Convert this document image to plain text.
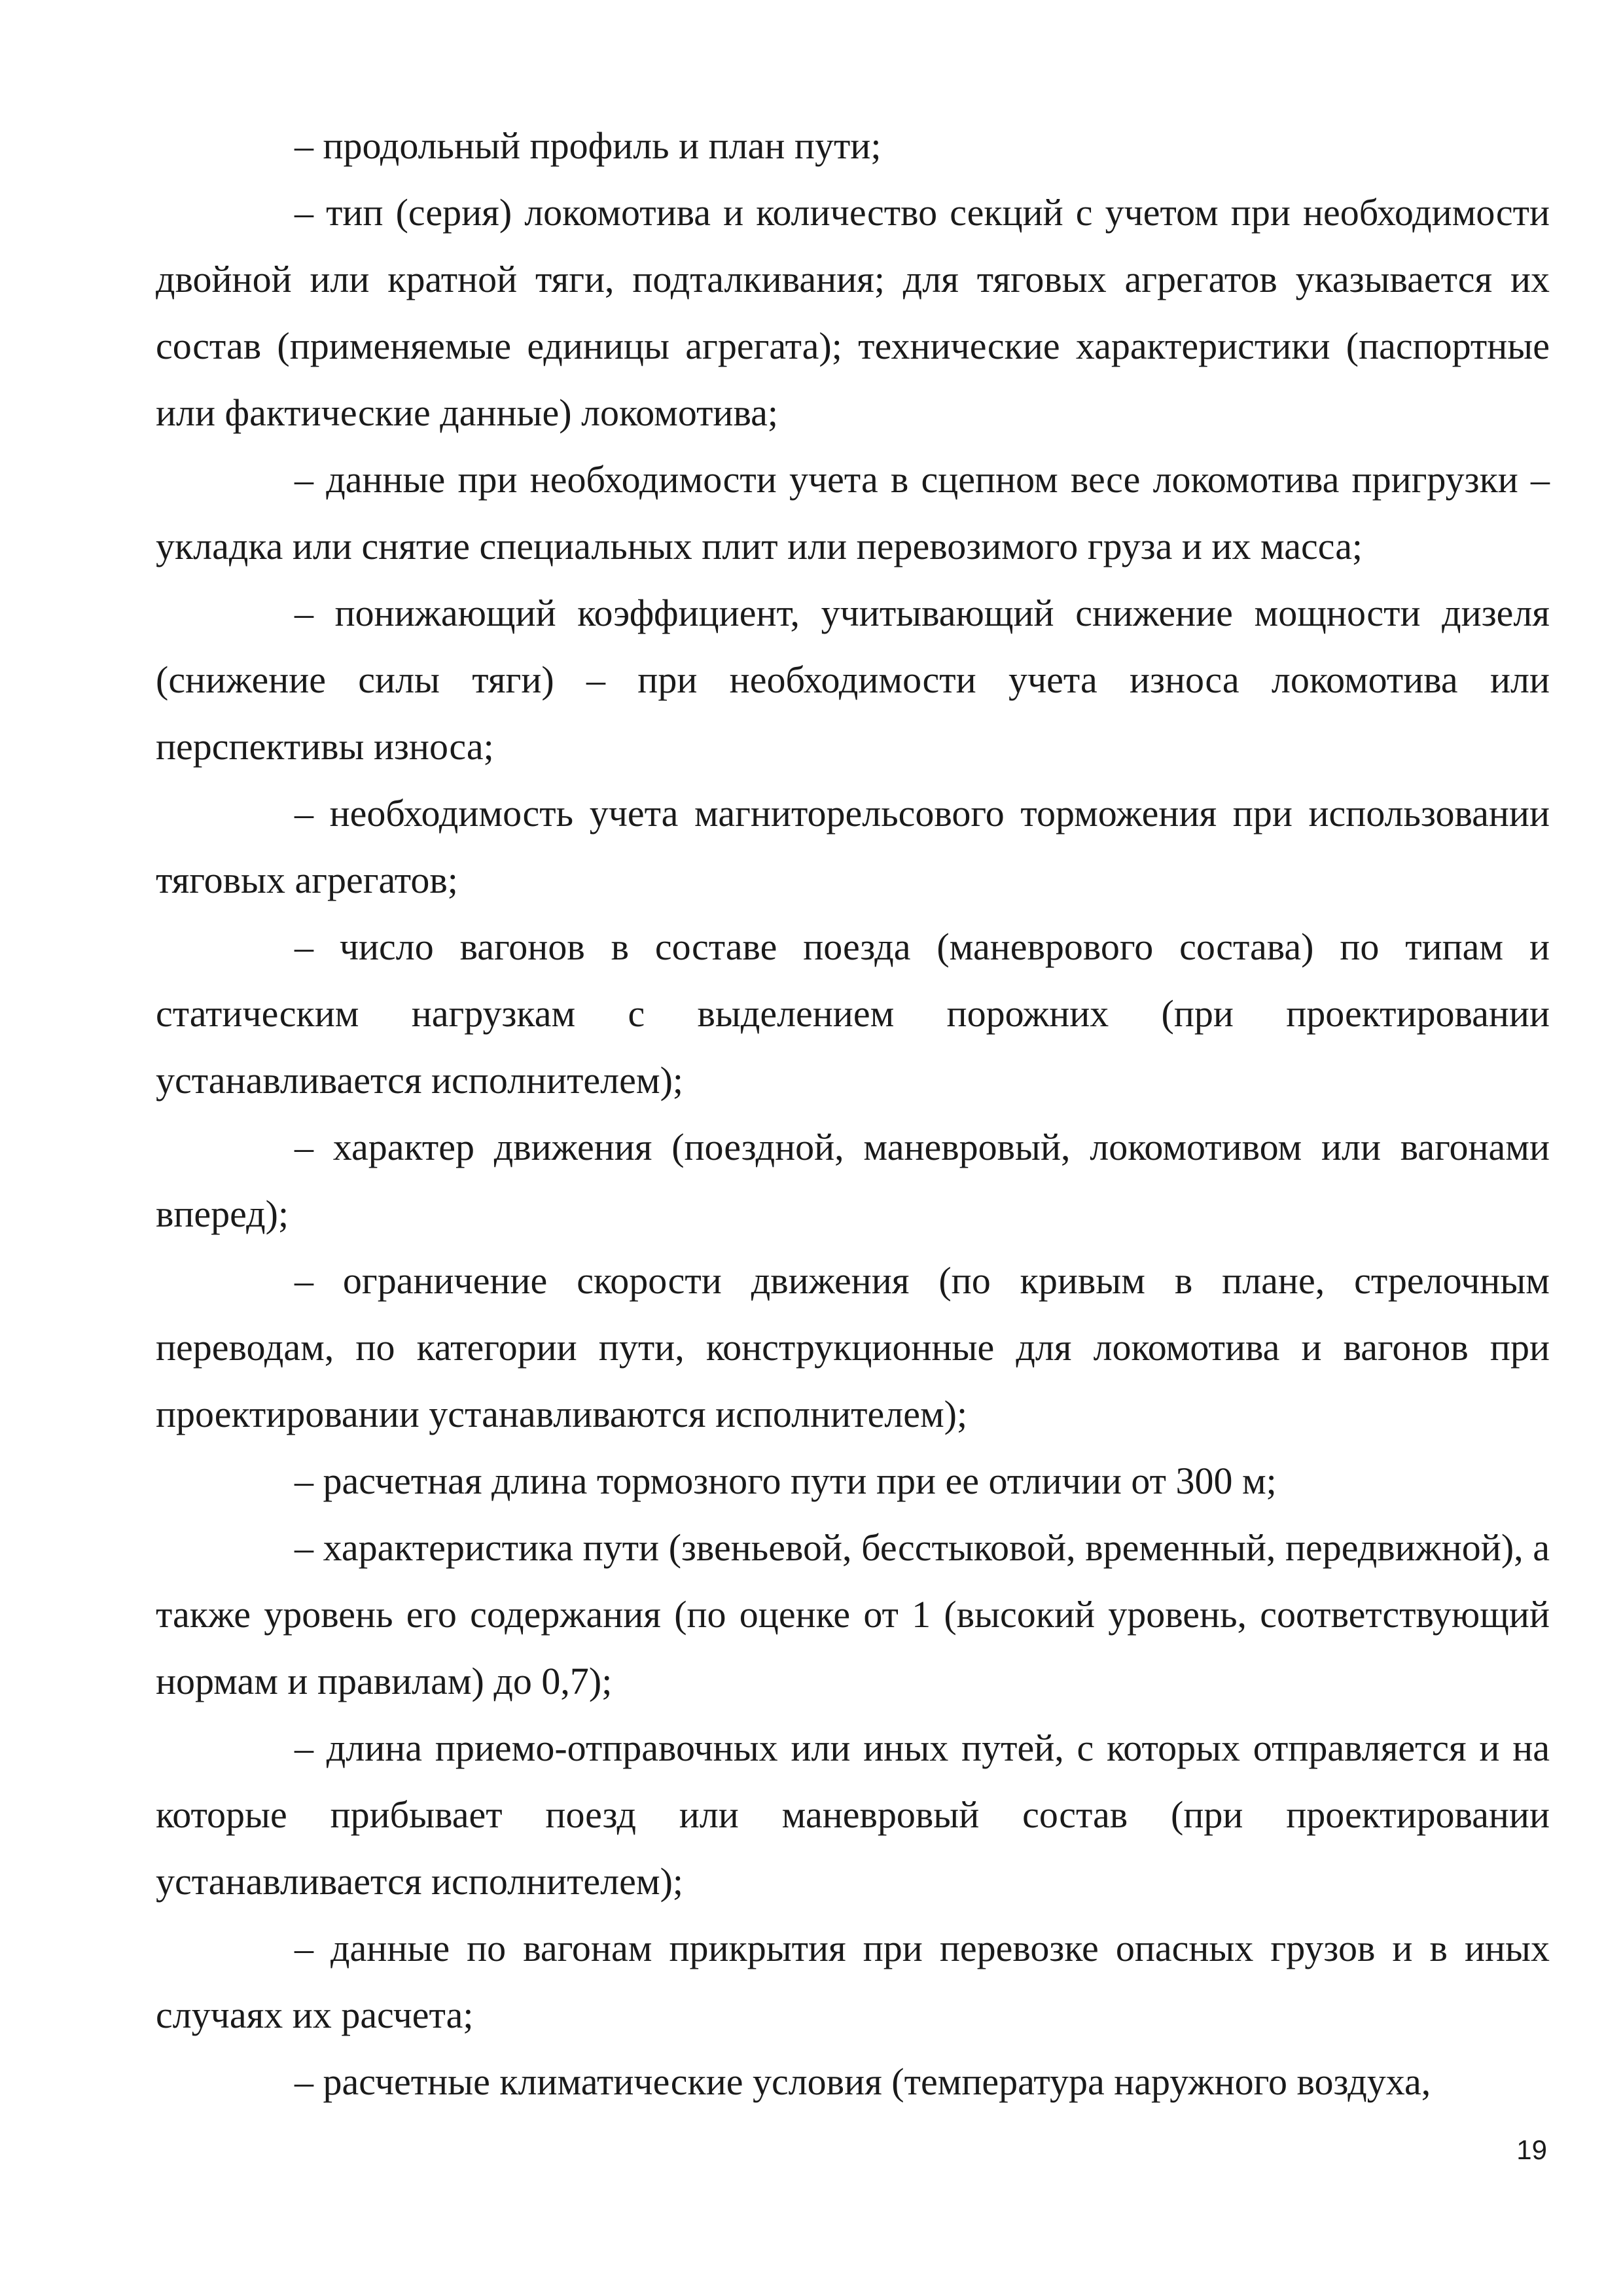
– продольный профиль и план пути;

– тип (серия) локомотива и количество секций с учетом при необходимости двойной или кратной тяги, подталкивания; для тяговых агрегатов указывается их состав (применяемые единицы агрегата); технические характеристики (паспортные или фактические данные) локомотива;

– данные при необходимости учета в сцепном весе локомотива пригрузки – укладка или снятие специальных плит или перевозимого груза и их масса;

– понижающий коэффициент, учитывающий снижение мощности дизеля (снижение силы тяги) – при необходимости учета износа локомотива или перспективы износа;

– необходимость учета магниторельсового торможения при использовании тяговых агрегатов;

– число вагонов в составе поезда (маневрового состава) по типам и статическим нагрузкам с выделением порожних (при проектировании устанавливается исполнителем);

– характер движения (поездной, маневровый, локомотивом или вагонами вперед);

– ограничение скорости движения (по кривым в плане, стрелочным переводам, по категории пути, конструкционные для локомотива и вагонов при проектировании устанавливаются исполнителем);

– расчетная длина тормозного пути при ее отличии от 300 м;

– характеристика пути (звеньевой, бесстыковой, временный, передвижной), а также уровень его содержания (по оценке от 1 (высокий уровень, соответствующий нормам и правилам) до 0,7);

– длина приемо-отправочных или иных путей, с которых отправляется и на которые прибывает поезд или маневровый состав (при проектировании устанавливается исполнителем);

– данные по вагонам прикрытия при перевозке опасных грузов и в иных случаях их расчета;

– расчетные климатические условия (температура наружного воздуха,

19
